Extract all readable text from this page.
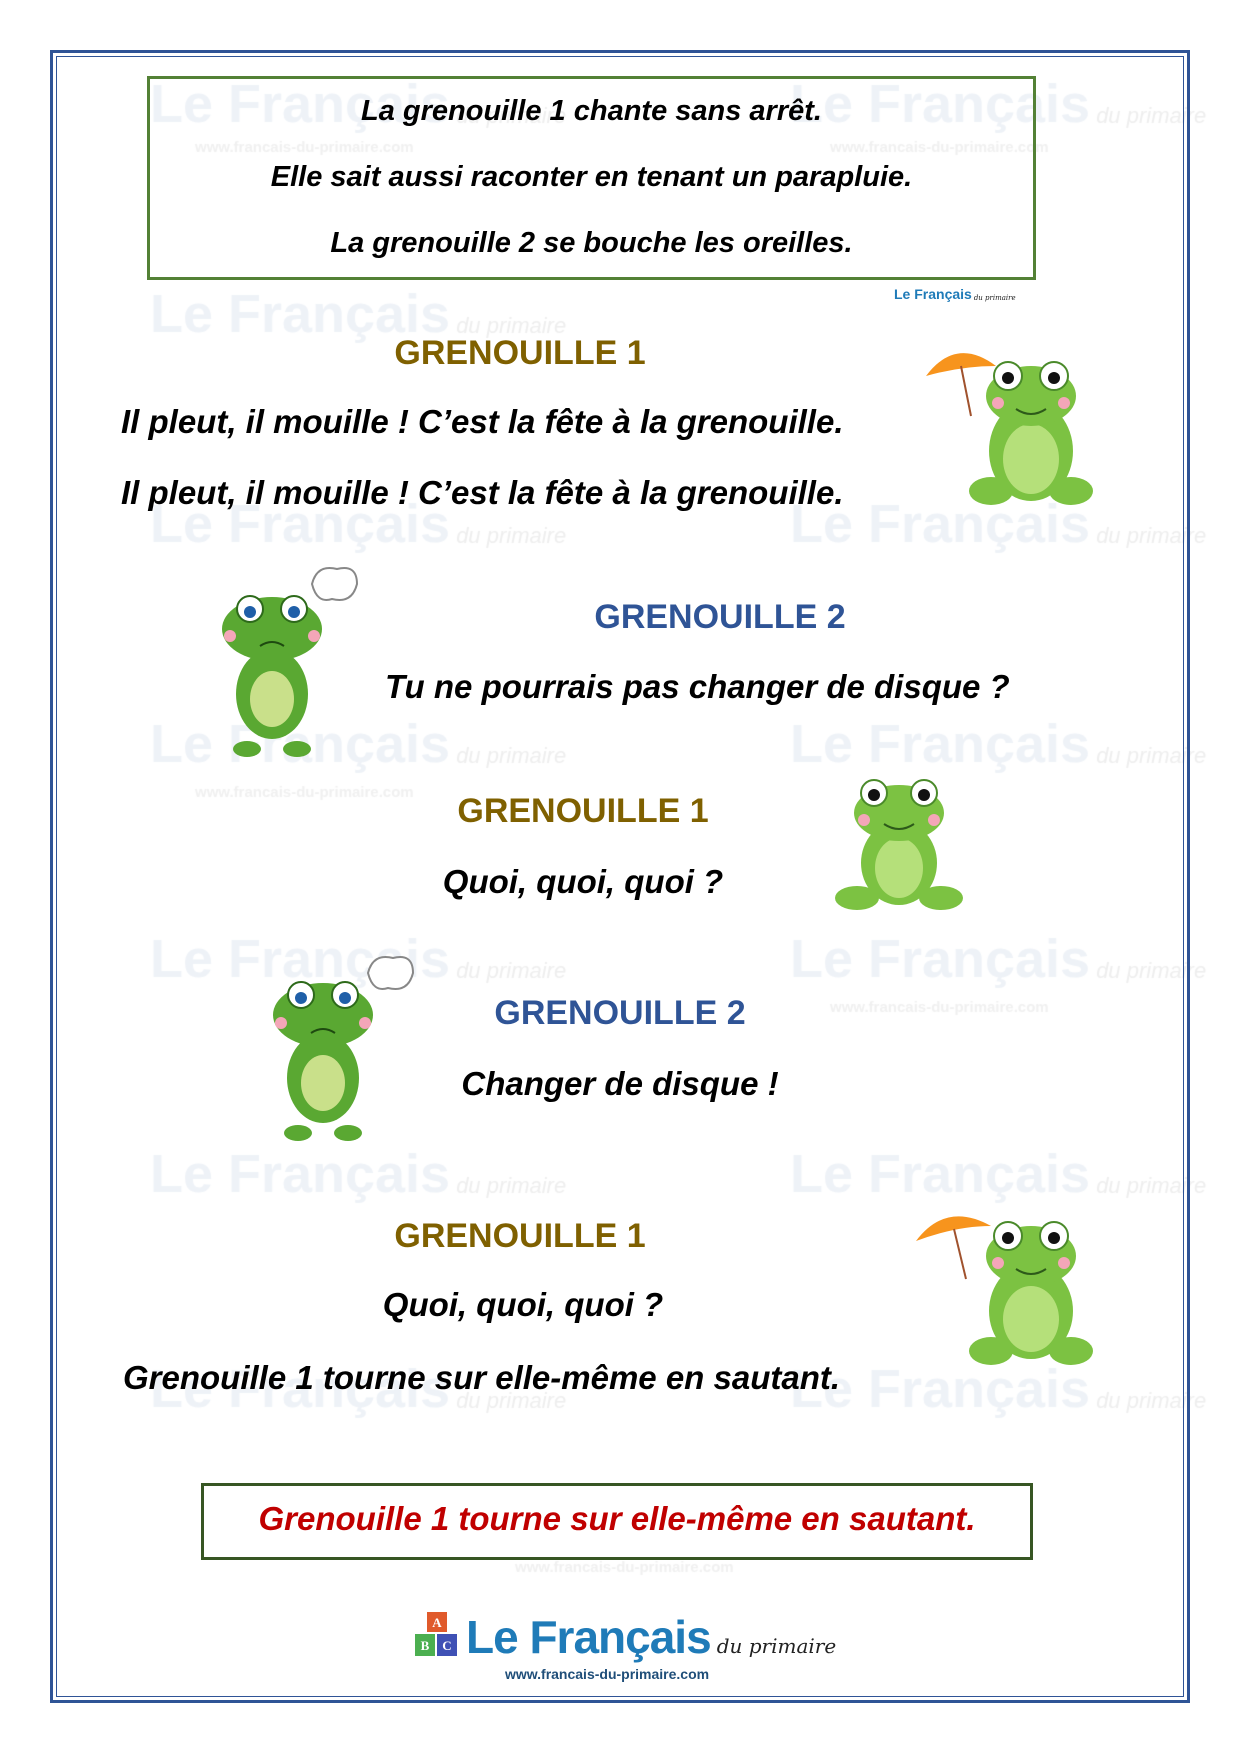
La grenouille 1 chante sans arrêt.
Elle sait aussi raconter en tenant un parapluie.
La grenouille 2 se bouche les oreilles.
Le Français du primaire
GRENOUILLE 1
Il pleut, il mouille ! C’est la fête à la grenouille.
Il pleut, il mouille ! C’est la fête à la grenouille.
GRENOUILLE 2
Tu ne pourrais pas changer de disque ?
GRENOUILLE 1
Quoi, quoi, quoi ?
GRENOUILLE 2
Changer de disque !
GRENOUILLE 1
Quoi, quoi, quoi ?
Grenouille 1 tourne sur elle-même en sautant.
Grenouille 1 tourne sur elle-même en sautant.
A
B C Le Français du primaire
www.francais-du-primaire.com
